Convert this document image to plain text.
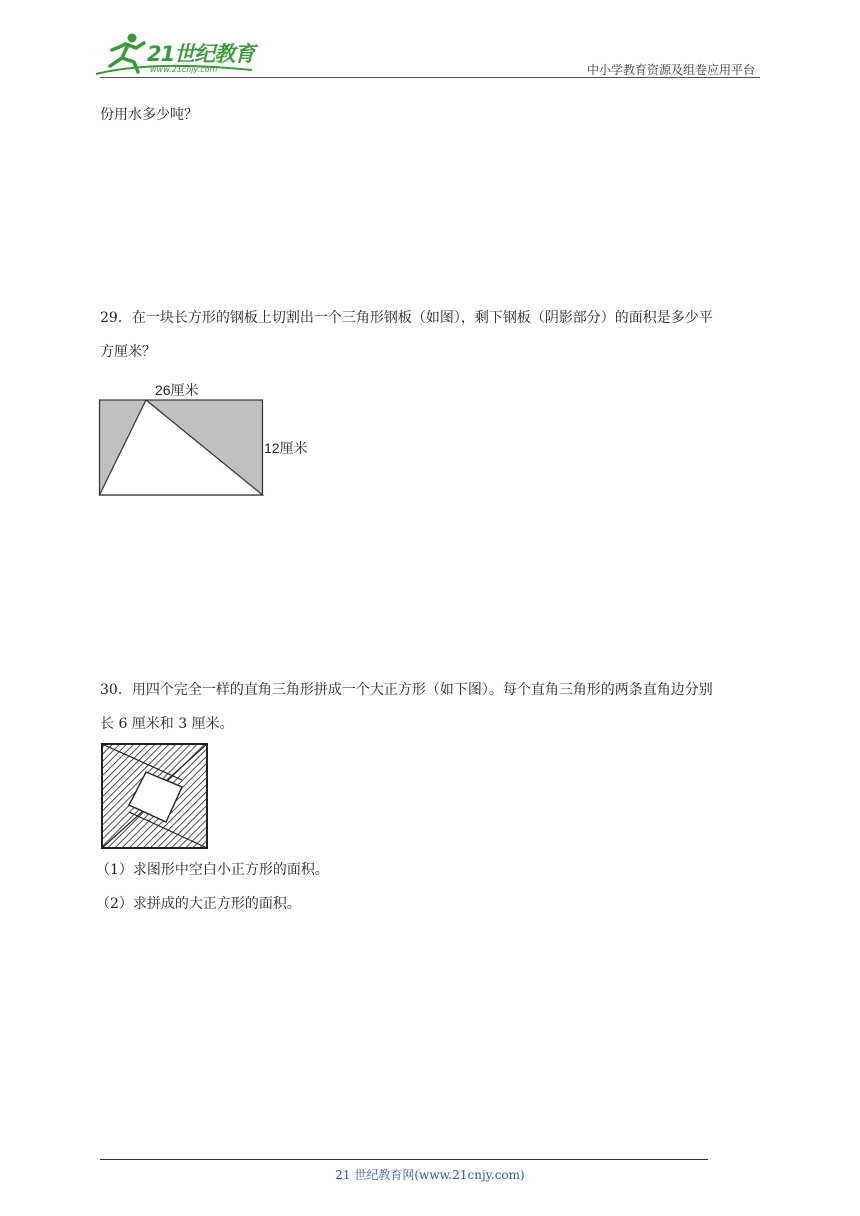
21世纪教育
www.21cnjy.com	中小学教育资源及组卷应用平台
份用水多少吨？
29．在一块长方形的钢板上切割出一个三角形钢板（如图），剩下钢板（阴影部分）的面积是多少平
方厘米？
26厘米
12厘米
30．用四个完全一样的直角三角形拼成一个大正方形（如下图）。每个直角三角形的两条直角边分别
长 6 厘米和 3 厘米。
（1）求图形中空白小正方形的面积。
（2）求拼成的大正方形的面积。
21 世纪教育网(www.21cnjy.com)
